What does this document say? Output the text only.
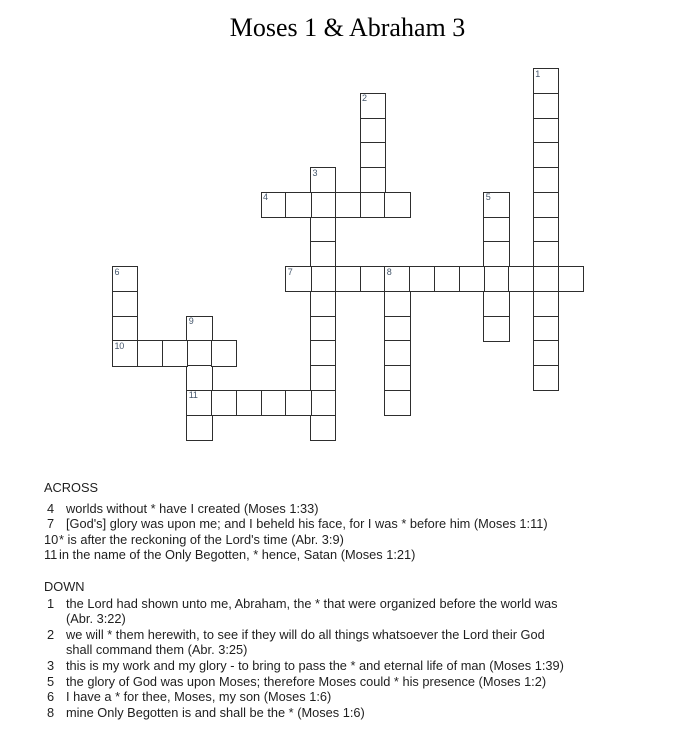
Moses 1 & Abraham 3
1
2
3
4	5
6
10
7	8
9
11
ACROSS
4 worlds without * have I created (Moses 1:33)
7 [God's] glory was upon me; and I beheld his face, for I was * before him (Moses 1:11)
10 * is after the reckoning of the Lord's time (Abr. 3:9)
11 in the name of the Only Begotten, * hence, Satan (Moses 1:21)
DOWN
1 the Lord had shown unto me, Abraham, the * that were organized before the world was
(Abr. 3:22)
2 we will * them herewith, to see if they will do all things whatsoever the Lord their God
shall command them (Abr. 3:25)
3 this is my work and my glory - to bring to pass the * and eternal life of man (Moses 1:39)
5 the glory of God was upon Moses; therefore Moses could * his presence (Moses 1:2)
6 I have a * for thee, Moses, my son (Moses 1:6)
8 mine Only Begotten is and shall be the * (Moses 1:6)
